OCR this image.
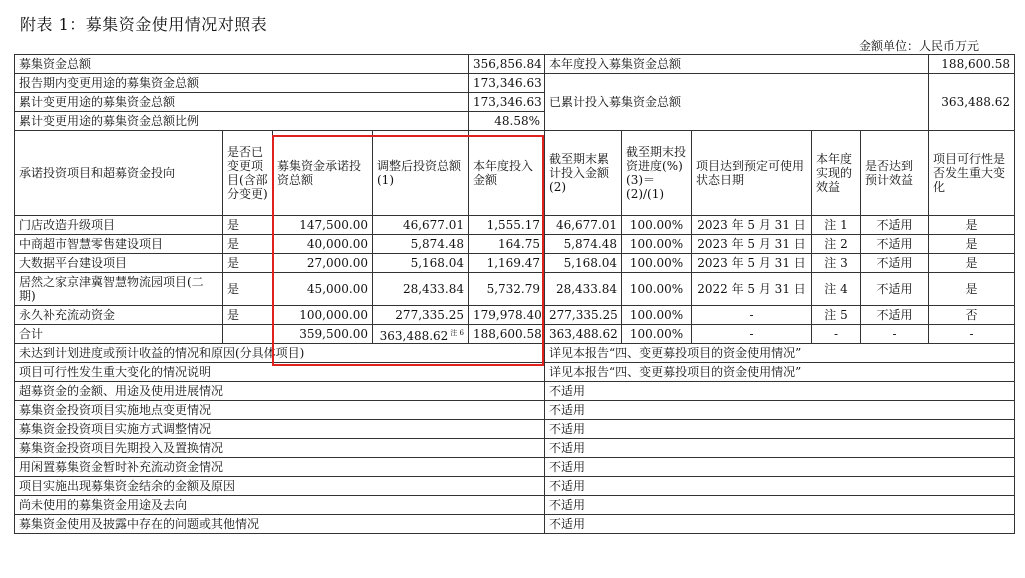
附表 1：募集资金使用情况对照表
金额单位：人民币万元
募集资金总额				356,856.84	本年度投入募集资金总额					188,600.58
报告期内变更用途的募集资金总额				173,346.63	已累计投入募集资金总额					363,488.62
累计变更用途的募集资金总额				173,346.63						
累计变更用途的募集资金总额比例				48.58%						
承诺投资项目和超募资金投向	是否已变更项目(含部分变更)	募集资金承诺投资总额	调整后投资总额(1)	本年度投入金额	截至期末累计投入金额(2)	截至期末投资进度(%)(3)＝(2)/(1)	项目达到预定可使用状态日期	本年度实现的效益	是否达到预计效益	项目可行性是否发生重大变化
门店改造升级项目	是	147,500.00	46,677.01	1,555.17	46,677.01	100.00%	2023 年 5 月 31 日	注 1	不适用	是
中商超市智慧零售建设项目	是	40,000.00	5,874.48	164.75	5,874.48	100.00%	2023 年 5 月 31 日	注 2	不适用	是
大数据平台建设项目	是	27,000.00	5,168.04	1,169.47	5,168.04	100.00%	2023 年 5 月 31 日	注 3	不适用	是
居然之家京津冀智慧物流园项目(二期)	是	45,000.00	28,433.84	5,732.79	28,433.84	100.00%	2022 年 5 月 31 日	注 4	不适用	是
永久补充流动资金	是	100,000.00	277,335.25	179,978.40	277,335.25	100.00%	-	注 5	不适用	否
合计		359,500.00	363,488.62 $^{注 6}$	188,600.58	363,488.62	100.00%	-	-	-	-
未达到计划进度或预计收益的情况和原因(分具体项目)					详见本报告“四、变更募投项目的资金使用情况”					
项目可行性发生重大变化的情况说明					详见本报告“四、变更募投项目的资金使用情况”					
超募资金的金额、用途及使用进展情况					不适用					
募集资金投资项目实施地点变更情况					不适用					
募集资金投资项目实施方式调整情况					不适用					
募集资金投资项目先期投入及置换情况					不适用					
用闲置募集资金暂时补充流动资金情况					不适用					
项目实施出现募集资金结余的金额及原因					不适用					
尚未使用的募集资金用途及去向					不适用					
募集资金使用及披露中存在的问题或其他情况					不适用					
